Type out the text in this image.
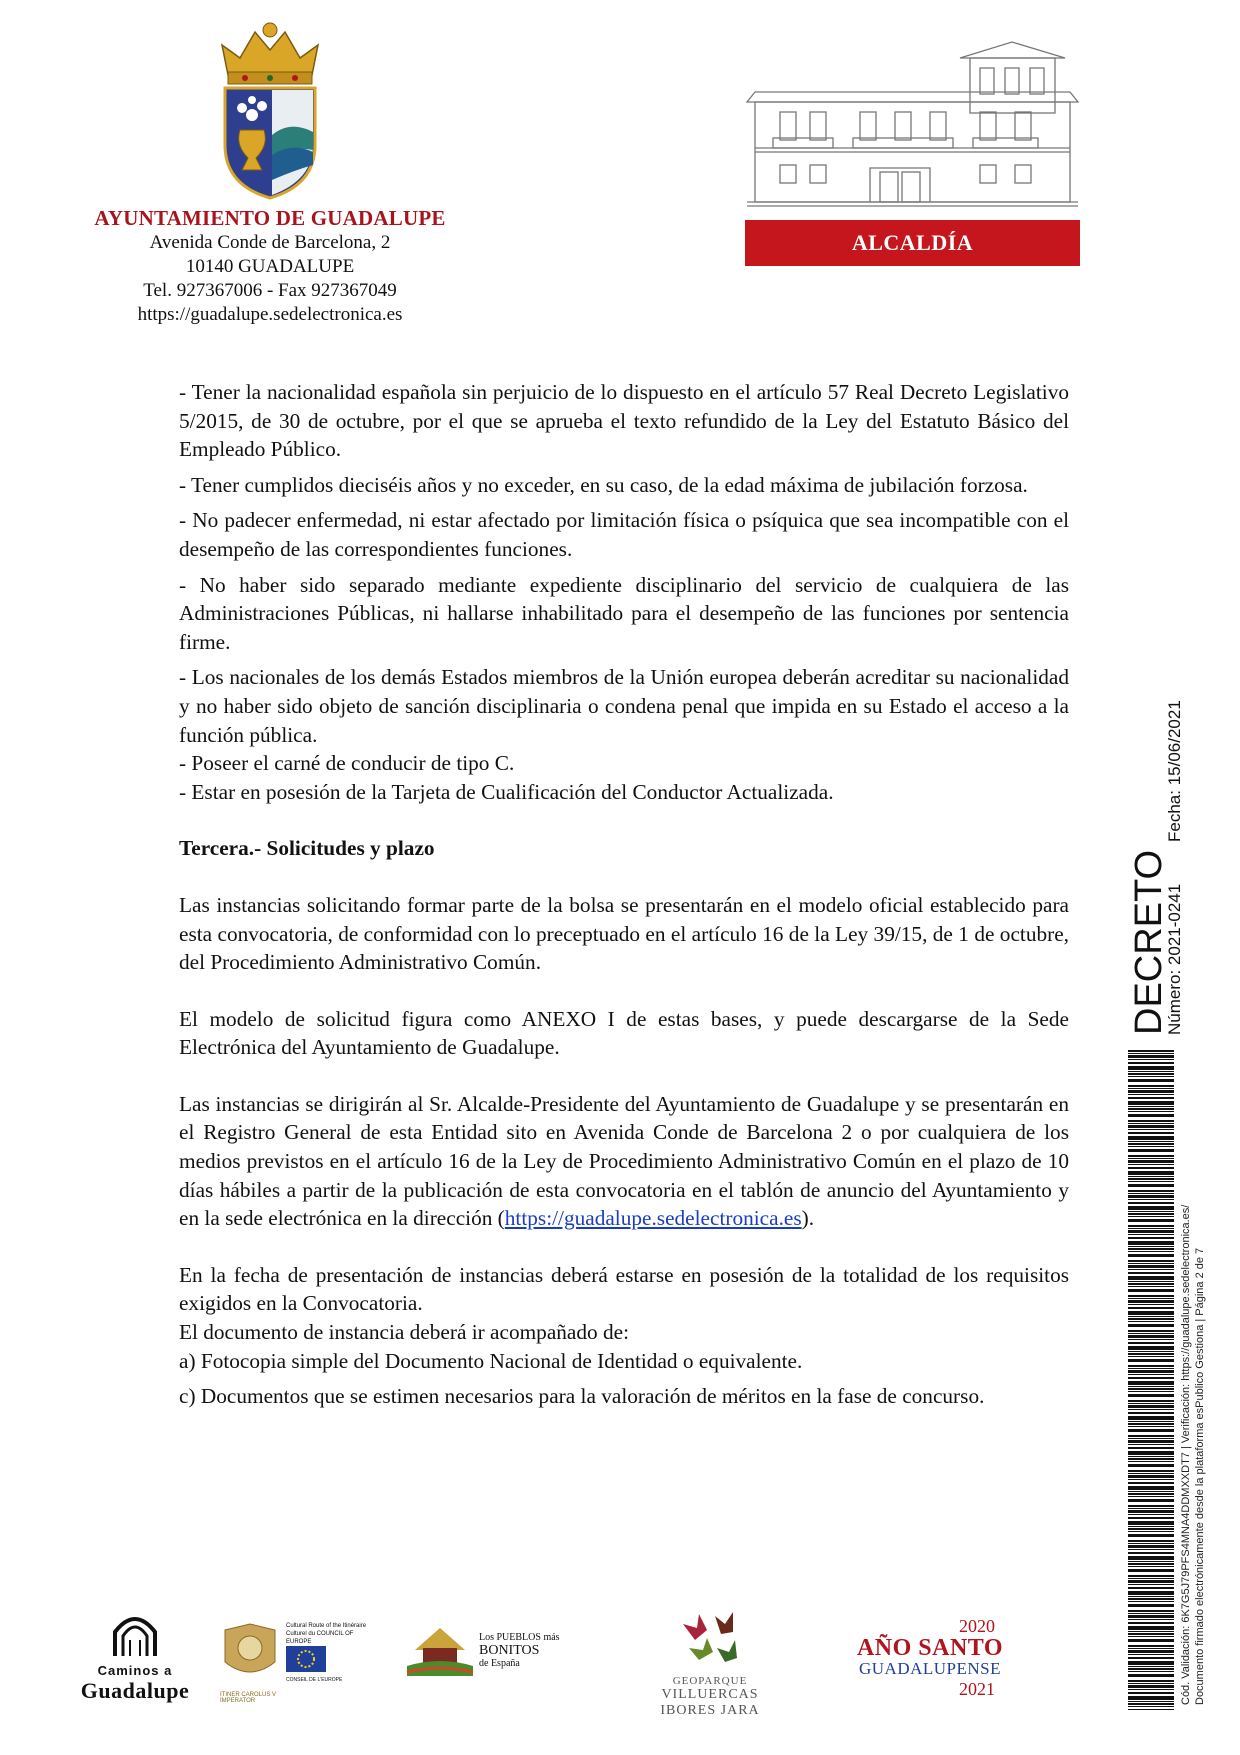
AYUNTAMIENTO DE GUADALUPE
Avenida Conde de Barcelona, 2
10140 GUADALUPE
Tel. 927367006 - Fax 927367049
https://guadalupe.sedelectronica.es
ALCALDÍA

- Tener la nacionalidad española sin perjuicio de lo dispuesto en el artículo 57 Real Decreto Legislativo 5/2015, de 30 de octubre, por el que se aprueba el texto refundido de la Ley del Estatuto Básico del Empleado Público.

- Tener cumplidos dieciséis años y no exceder, en su caso, de la edad máxima de jubilación forzosa.

- No padecer enfermedad, ni estar afectado por limitación física o psíquica que sea incompatible con el desempeño de las correspondientes funciones.

- No haber sido separado mediante expediente disciplinario del servicio de cualquiera de las Administraciones Públicas, ni hallarse inhabilitado para el desempeño de las funciones por sentencia firme.

- Los nacionales de los demás Estados miembros de la Unión europea deberán acreditar su nacionalidad y no haber sido objeto de sanción disciplinaria o condena penal que impida en su Estado el acceso a la función pública.

- Poseer el carné de conducir de tipo C.

- Estar en posesión de la Tarjeta de Cualificación del Conductor Actualizada.

Tercera.- Solicitudes y plazo

Las instancias solicitando formar parte de la bolsa se presentarán en el modelo oficial establecido para esta convocatoria, de conformidad con lo preceptuado en el artículo 16 de la Ley 39/15, de 1 de octubre, del Procedimiento Administrativo Común.

El modelo de solicitud figura como ANEXO I de estas bases, y puede descargarse de la Sede Electrónica del Ayuntamiento de Guadalupe.

Las instancias se dirigirán al Sr. Alcalde-Presidente del Ayuntamiento de Guadalupe y se presentarán en el Registro General de esta Entidad sito en Avenida Conde de Barcelona 2 o por cualquiera de los medios previstos en el artículo 16 de la Ley de Procedimiento Administrativo Común en el plazo de 10 días hábiles a partir de la publicación de esta convocatoria en el tablón de anuncio del Ayuntamiento y en la sede electrónica en la dirección (https://guadalupe.sedelectronica.es).

En la fecha de presentación de instancias deberá estarse en posesión de la totalidad de los requisitos exigidos en la Convocatoria.

El documento de instancia deberá ir acompañado de:

a) Fotocopia simple del Documento Nacional de Identidad o equivalente.

c) Documentos que se estimen necesarios para la valoración de méritos en la fase de concurso.

DECRETO
Número: 2021-0241
Fecha: 15/06/2021
Cód. Validación: 6K7G5J79PFS4MNA4DDMXXDT7 | Verificación: https://guadalupe.sedelectronica.es/ Documento firmado electrónicamente desde la plataforma esPublico Gestiona | Página 2 de 7
Caminos a
Guadalupe
Cultural Route of the Itinéraire Culturel du COUNCIL OF EUROPE
CONSEIL DE L'EUROPE
ITINER CAROLUS V IMPERATOR
Los PUEBLOS más
BONITOS
de España
GEOPARQUE
VILLUERCAS
IBORES JARA
2020
AÑO SANTO
GUADALUPENSE
2021
